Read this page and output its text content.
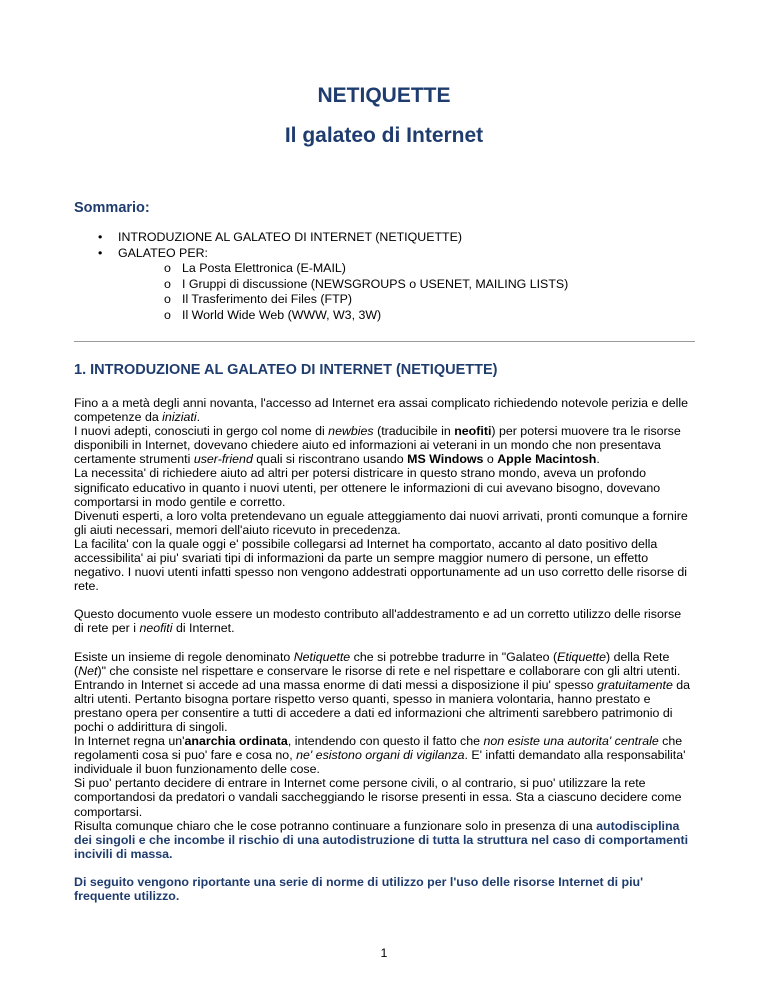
NETIQUETTE
Il galateo di Internet
Sommario:
• INTRODUZIONE AL GALATEO DI INTERNET (NETIQUETTE)
• GALATEO PER:
o La Posta Elettronica (E-MAIL)
o I Gruppi di discussione (NEWSGROUPS o USENET, MAILING LISTS)
o Il Trasferimento dei Files (FTP)
o Il World Wide Web (WWW, W3, 3W)
1. INTRODUZIONE AL GALATEO DI INTERNET (NETIQUETTE)

Fino a a metà degli anni novanta, l'accesso ad Internet era assai complicato richiedendo notevole perizia e delle competenze da iniziati.

I nuovi adepti, conosciuti in gergo col nome di newbies (traducibile in neofiti) per potersi muovere tra le risorse disponibili in Internet, dovevano chiedere aiuto ed informazioni ai veterani in un mondo che non presentava certamente strumenti user-friend quali si riscontrano usando MS Windows o Apple Macintosh.

La necessita' di richiedere aiuto ad altri per potersi districare in questo strano mondo, aveva un profondo significato educativo in quanto i nuovi utenti, per ottenere le informazioni di cui avevano bisogno, dovevano comportarsi in modo gentile e corretto.

Divenuti esperti, a loro volta pretendevano un eguale atteggiamento dai nuovi arrivati, pronti comunque a fornire gli aiuti necessari, memori dell'aiuto ricevuto in precedenza.

La facilita' con la quale oggi e' possibile collegarsi ad Internet ha comportato, accanto al dato positivo della accessibilita' ai piu' svariati tipi di informazioni da parte un sempre maggior numero di persone, un effetto negativo. I nuovi utenti infatti spesso non vengono addestrati opportunamente ad un uso corretto delle risorse di rete.

Questo documento vuole essere un modesto contributo all'addestramento e ad un corretto utilizzo delle risorse di rete per i neofiti di Internet.

Esiste un insieme di regole denominato Netiquette che si potrebbe tradurre in "Galateo (Etiquette) della Rete (Net)" che consiste nel rispettare e conservare le risorse di rete e nel rispettare e collaborare con gli altri utenti.

Entrando in Internet si accede ad una massa enorme di dati messi a disposizione il piu' spesso gratuitamente da altri utenti. Pertanto bisogna portare rispetto verso quanti, spesso in maniera volontaria, hanno prestato e prestano opera per consentire a tutti di accedere a dati ed informazioni che altrimenti sarebbero patrimonio di pochi o addirittura di singoli.

In Internet regna un'anarchia ordinata, intendendo con questo il fatto che non esiste una autorita' centrale che regolamenti cosa si puo' fare e cosa no, ne' esistono organi di vigilanza. E' infatti demandato alla responsabilita' individuale il buon funzionamento delle cose.

Si puo' pertanto decidere di entrare in Internet come persone civili, o al contrario, si puo' utilizzare la rete comportandosi da predatori o vandali saccheggiando le risorse presenti in essa. Sta a ciascuno decidere come comportarsi.

Risulta comunque chiaro che le cose potranno continuare a funzionare solo in presenza di una autodisciplina dei singoli e che incombe il rischio di una autodistruzione di tutta la struttura nel caso di comportamenti incivili di massa.

Di seguito vengono riportante una serie di norme di utilizzo per l'uso delle risorse Internet di piu' frequente utilizzo.

1
